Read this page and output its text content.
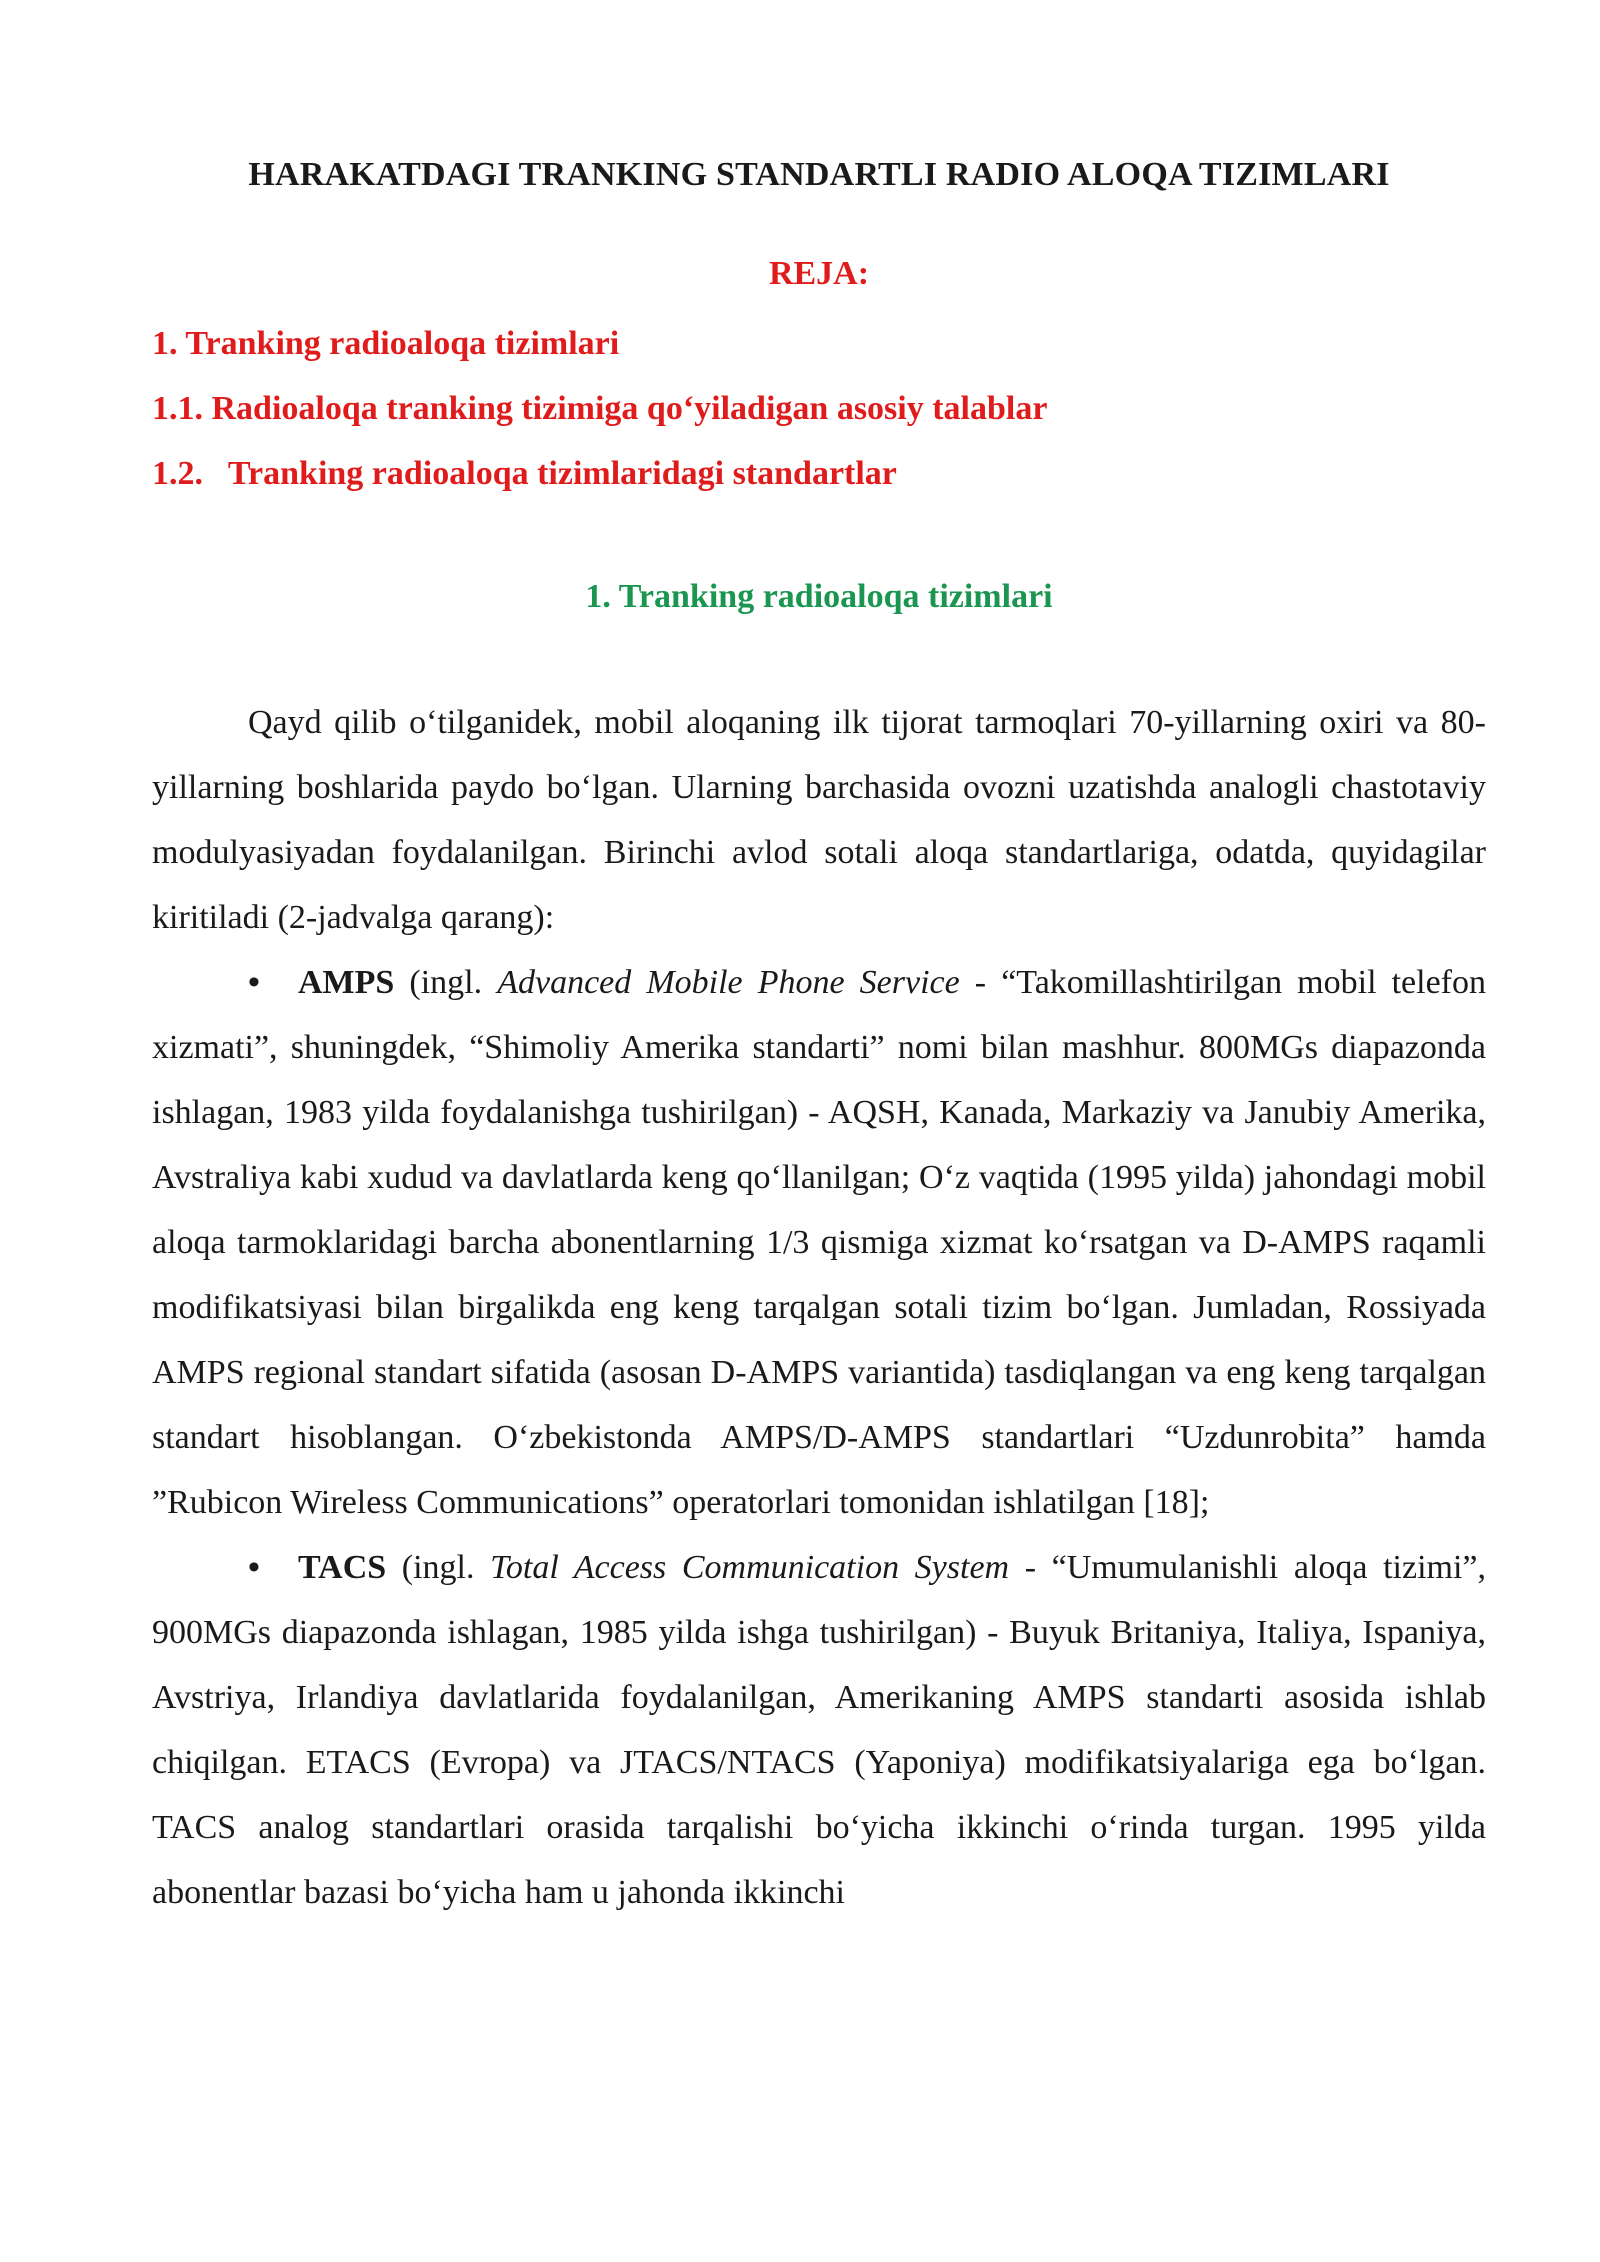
HARAKATDAGI TRANKING STANDARTLI RADIO ALOQA TIZIMLARI
REJA:
1. Tranking radioaloqa tizimlari
1.1. Radioaloqa tranking tizimiga qo‘yiladigan asosiy talablar
1.2.   Tranking radioaloqa tizimlaridagi standartlar
1. Tranking radioaloqa tizimlari

Qayd qilib o‘tilganidek, mobil aloqaning ilk tijorat tarmoqlari 70-yillarning oxiri va 80-yillarning boshlarida paydo bo‘lgan. Ularning barchasida ovozni uzatishda analogli chastotaviy modulyasiyadan foydalanilgan. Birinchi avlod sotali aloqa standartlariga, odatda, quyidagilar kiritiladi (2-jadvalga qarang):

• AMPS (ingl. Advanced Mobile Phone Service - “Takomillashtirilgan mobil telefon xizmati”, shuningdek, “Shimoliy Amerika standarti” nomi bilan mashhur. 800MGs diapazonda ishlagan, 1983 yilda foydalanishga tushirilgan) - AQSH, Kanada, Markaziy va Janubiy Amerika, Avstraliya kabi xudud va davlatlarda keng qo‘llanilgan; O‘z vaqtida (1995 yilda) jahondagi mobil aloqa tarmoklaridagi barcha abonentlarning 1/3 qismiga xizmat ko‘rsatgan va D-AMPS raqamli modifikatsiyasi bilan birgalikda eng keng tarqalgan sotali tizim bo‘lgan. Jumladan, Rossiyada AMPS regional standart sifatida (asosan D-AMPS variantida) tasdiqlangan va eng keng tarqalgan standart hisoblangan. O‘zbekistonda AMPS/D-AMPS standartlari “Uzdunrobita” hamda ”Rubicon Wireless Communications” operatorlari tomonidan ishlatilgan [18];

• TACS (ingl. Total Access Communication System - “Umumulanishli aloqa tizimi”, 900MGs diapazonda ishlagan, 1985 yilda ishga tushirilgan) - Buyuk Britaniya, Italiya, Ispaniya, Avstriya, Irlandiya davlatlarida foydalanilgan, Amerikaning AMPS standarti asosida ishlab chiqilgan. ETACS (Evropa) va JTACS/NTACS (Yaponiya) modifikatsiyalariga ega bo‘lgan. TACS analog standartlari orasida tarqalishi bo‘yicha ikkinchi o‘rinda turgan. 1995 yilda abonentlar bazasi bo‘yicha ham u jahonda ikkinchi
